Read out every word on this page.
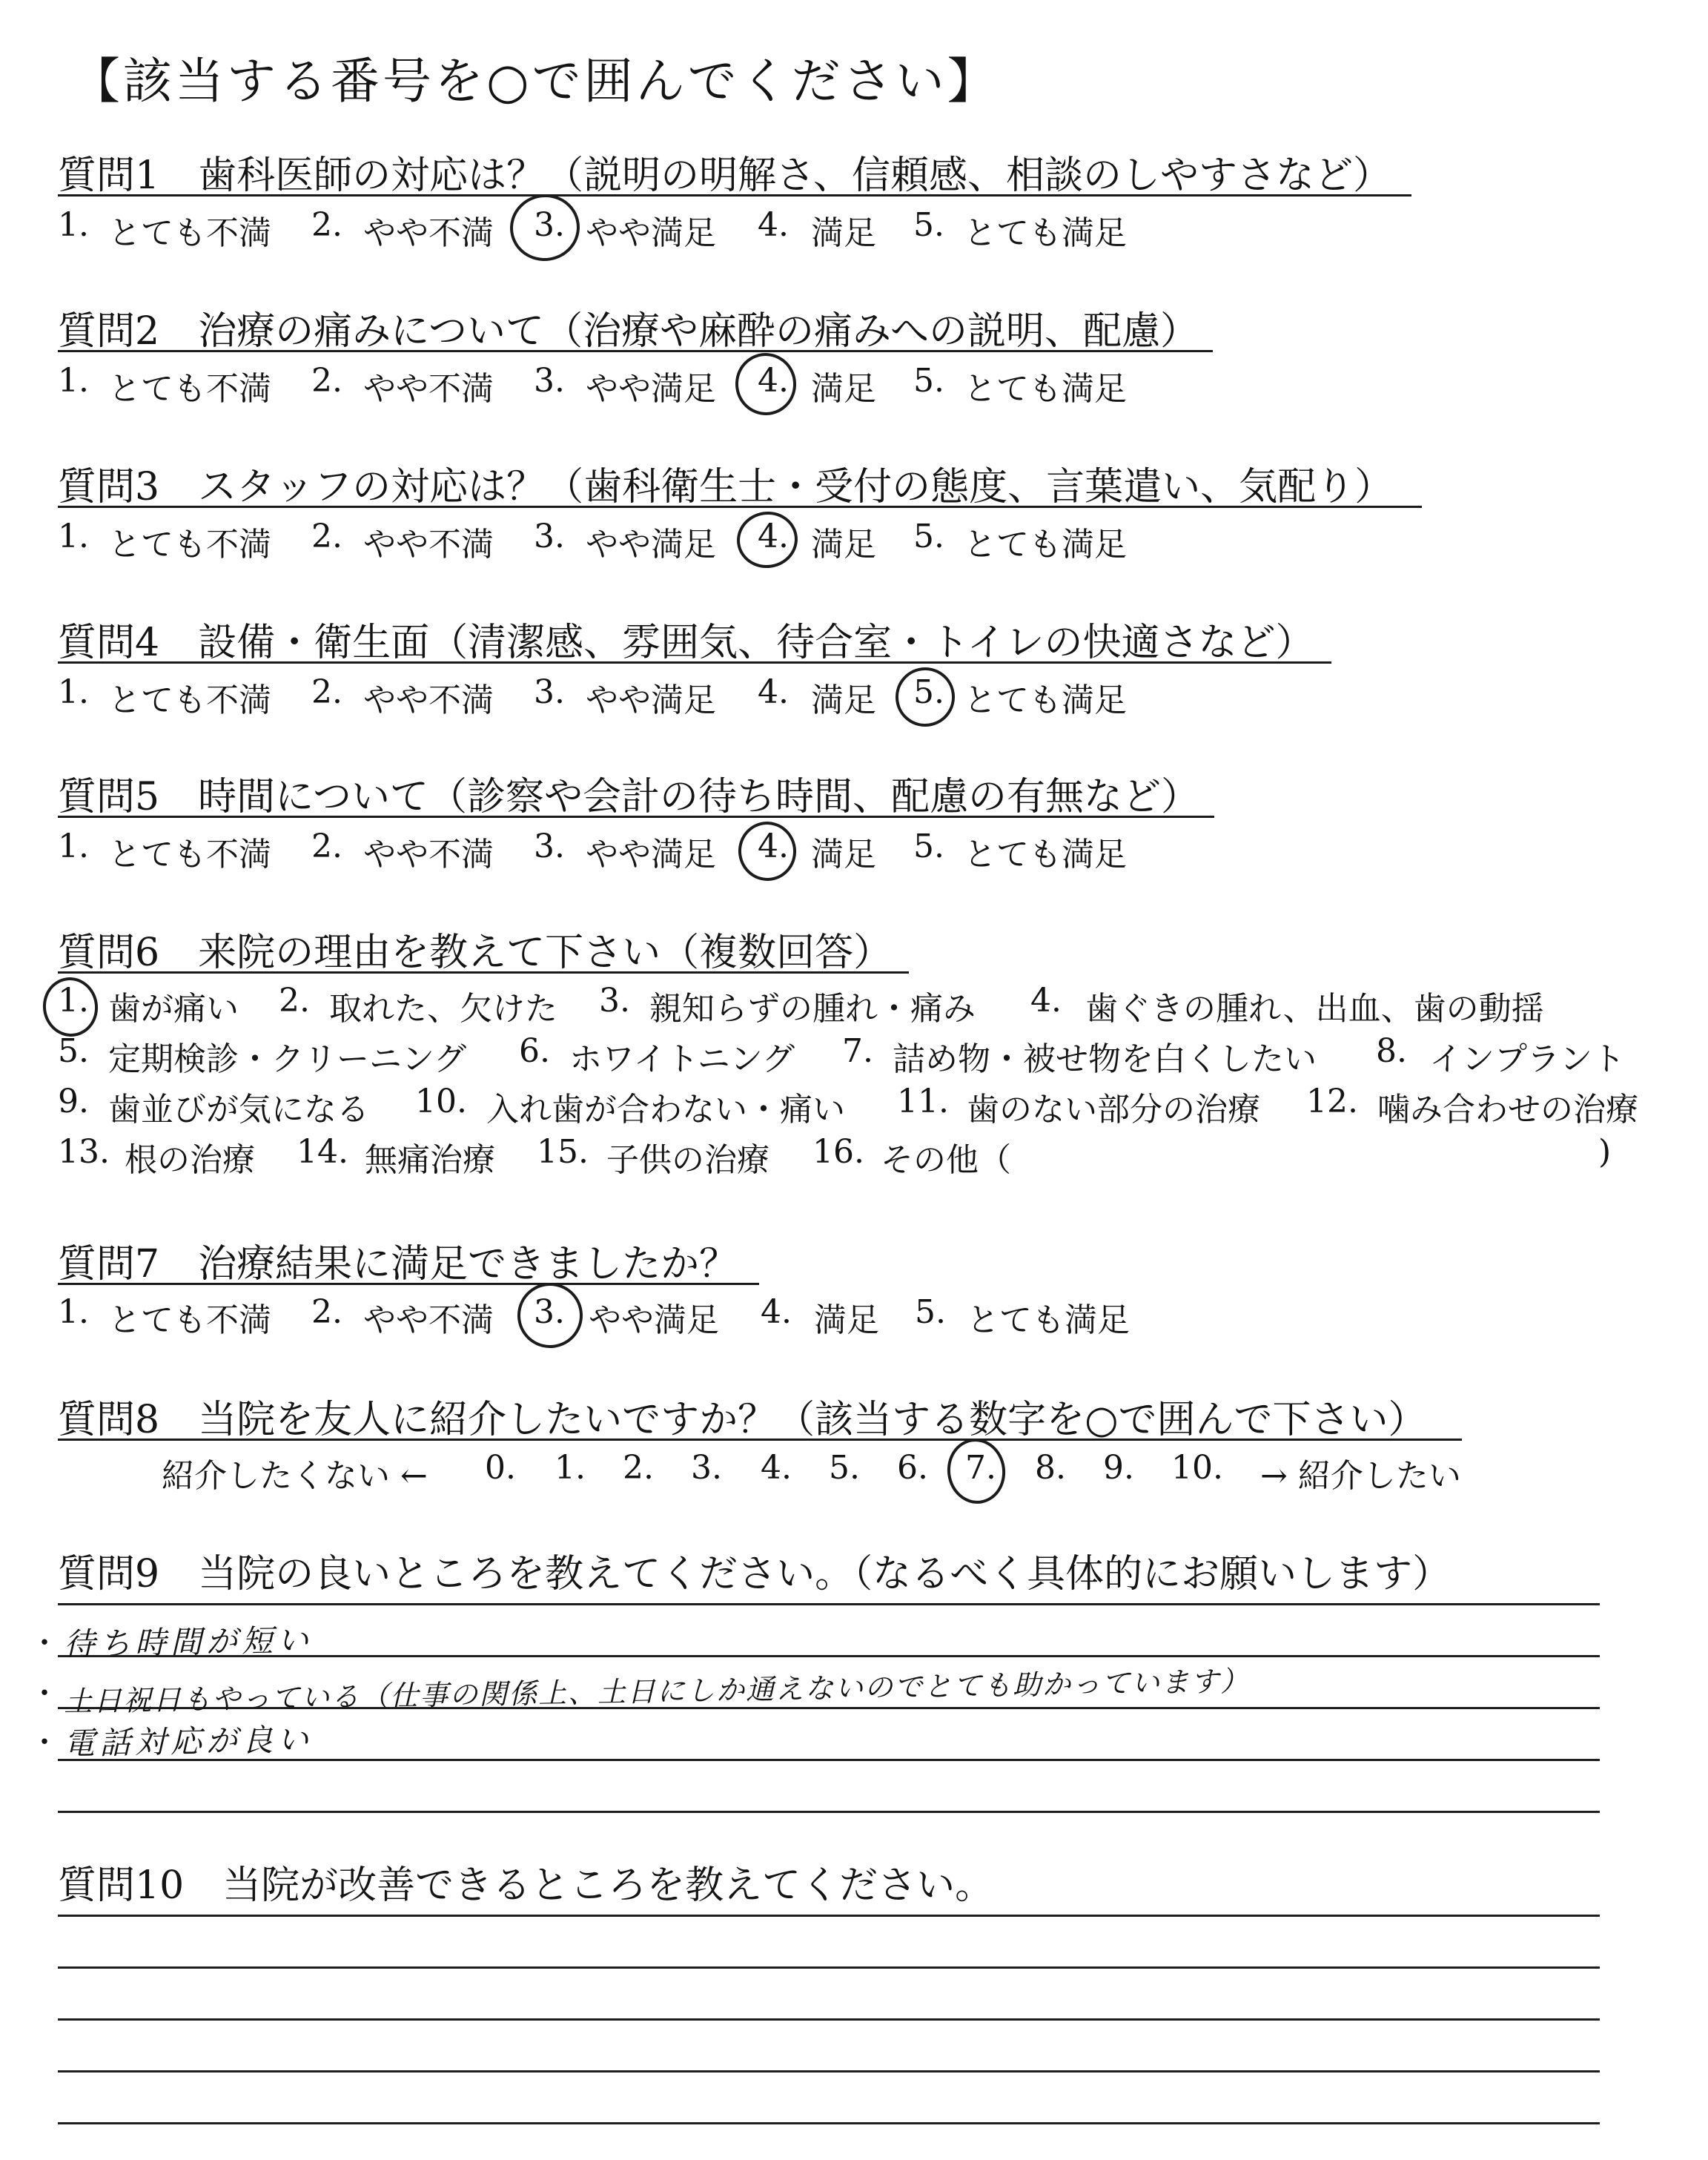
【該当する番号を○で囲んでください】
質問1　歯科医師の対応は？（説明の明解さ、信頼感、相談のしやすさなど）
1. とても不満 2. やや不満 3. やや満足 4. 満足 5. とても満足
質問2　治療の痛みについて（治療や麻酔の痛みへの説明、配慮）
1. とても不満 2. やや不満 3. やや満足 4. 満足 5. とても満足
質問3　スタッフの対応は？（歯科衛生士・受付の態度、言葉遣い、気配り）
1. とても不満 2. やや不満 3. やや満足 4. 満足 5. とても満足
質問4　設備・衛生面（清潔感、雰囲気、待合室・トイレの快適さなど）
1. とても不満 2. やや不満 3. やや満足 4. 満足 5. とても満足
質問5　時間について（診察や会計の待ち時間、配慮の有無など）
1. とても不満 2. やや不満 3. やや満足 4. 満足 5. とても満足
質問6　来院の理由を教えて下さい（複数回答）
1. 歯が痛い 2. 取れた、欠けた 3. 親知らずの腫れ・痛み 4. 歯ぐきの腫れ、出血、歯の動揺
5. 定期検診・クリーニング 6. ホワイトニング 7. 詰め物・被せ物を白くしたい 8. インプラント
9. 歯並びが気になる 10. 入れ歯が合わない・痛い 11. 歯のない部分の治療 12. 噛み合わせの治療
13. 根の治療 14. 無痛治療 15. 子供の治療 16. その他（	)
質問7　治療結果に満足できましたか？
1. とても不満 2. やや不満 3. やや満足 4. 満足 5. とても満足
質問8　当院を友人に紹介したいですか？（該当する数字を○で囲んで下さい）
紹介したくない ← 0. 1. 2. 3. 4. 5. 6. 7. 8. 9. 10. → 紹介したい
質問9　当院の良いところを教えてください。（なるべく具体的にお願いします）
・ 待ち時間が短い
・ 土日祝日もやっている（仕事の関係上、土日にしか通えないのでとても助かっています）
・ 電話対応が良い
質問10　当院が改善できるところを教えてください。
